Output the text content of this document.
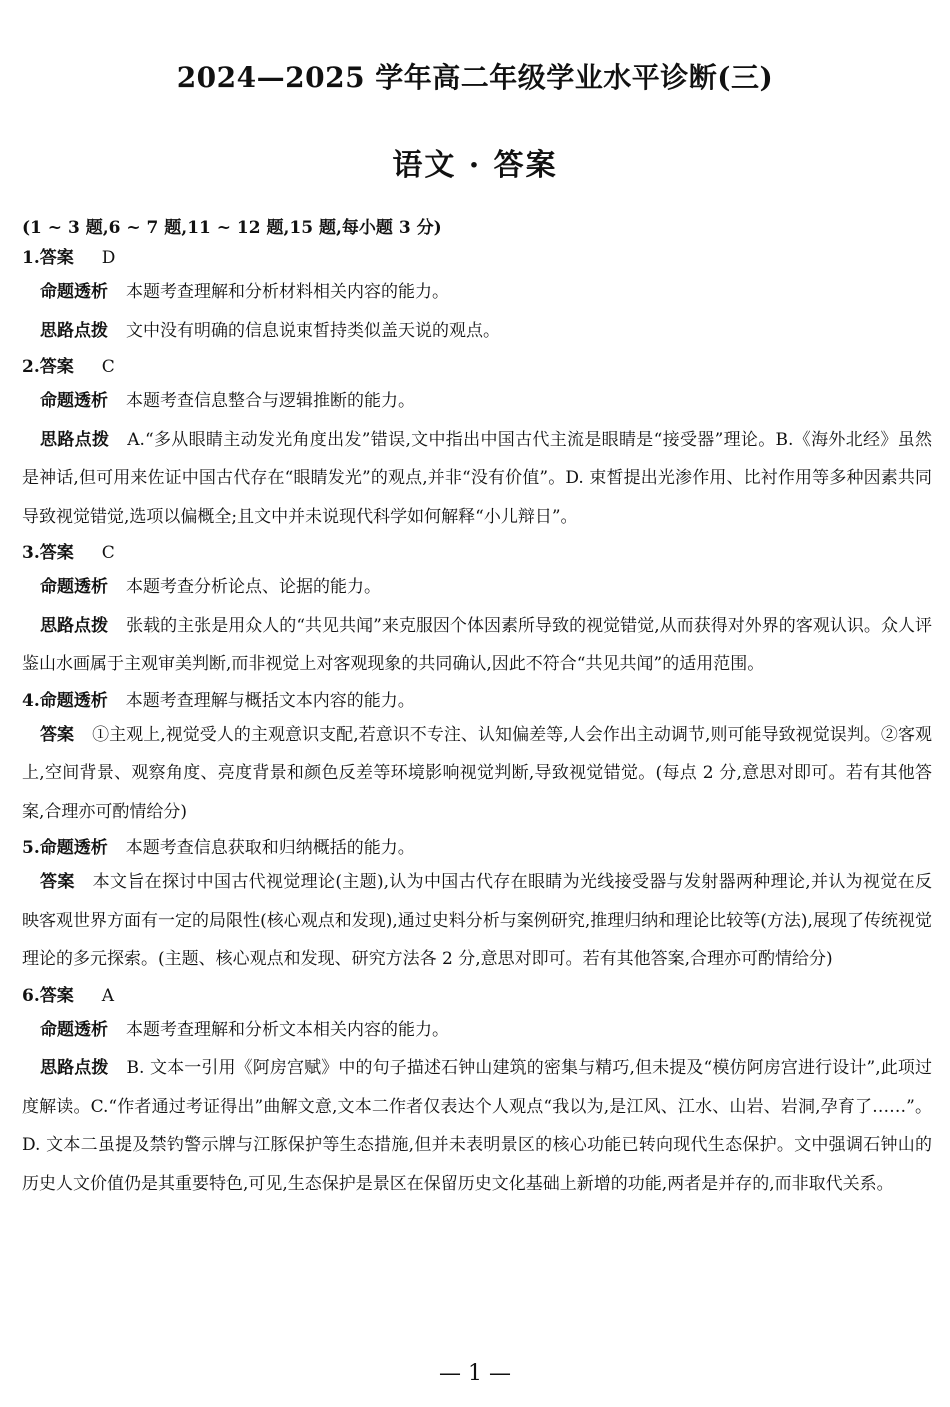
2024—2025 学年高二年级学业水平诊断(三)
语文 · 答案
(1 ~ 3 题,6 ~ 7 题,11 ~ 12 题,15 题,每小题 3 分)
1.答案 D
命题透析 本题考查理解和分析材料相关内容的能力。
思路点拨 文中没有明确的信息说束皙持类似盖天说的观点。
2.答案 C
命题透析 本题考查信息整合与逻辑推断的能力。
思路点拨 A.“多从眼睛主动发光角度出发”错误,文中指出中国古代主流是眼睛是“接受器”理论。B.《海外北经》虽然是神话,但可用来佐证中国古代存在“眼睛发光”的观点,并非“没有价值”。D. 束皙提出光渗作用、比衬作用等多种因素共同导致视觉错觉,选项以偏概全;且文中并未说现代科学如何解释“小儿辩日”。
3.答案 C
命题透析 本题考查分析论点、论据的能力。
思路点拨 张载的主张是用众人的“共见共闻”来克服因个体因素所导致的视觉错觉,从而获得对外界的客观认识。众人评鉴山水画属于主观审美判断,而非视觉上对客观现象的共同确认,因此不符合“共见共闻”的适用范围。
4.命题透析 本题考查理解与概括文本内容的能力。
答案 ①主观上,视觉受人的主观意识支配,若意识不专注、认知偏差等,人会作出主动调节,则可能导致视觉误判。②客观上,空间背景、观察角度、亮度背景和颜色反差等环境影响视觉判断,导致视觉错觉。(每点 2 分,意思对即可。若有其他答案,合理亦可酌情给分)
5.命题透析 本题考查信息获取和归纳概括的能力。
答案 本文旨在探讨中国古代视觉理论(主题),认为中国古代存在眼睛为光线接受器与发射器两种理论,并认为视觉在反映客观世界方面有一定的局限性(核心观点和发现),通过史料分析与案例研究,推理归纳和理论比较等(方法),展现了传统视觉理论的多元探索。(主题、核心观点和发现、研究方法各 2 分,意思对即可。若有其他答案,合理亦可酌情给分)
6.答案 A
命题透析 本题考查理解和分析文本相关内容的能力。
思路点拨 B. 文本一引用《阿房宫赋》中的句子描述石钟山建筑的密集与精巧,但未提及“模仿阿房宫进行设计”,此项过度解读。C.“作者通过考证得出”曲解文意,文本二作者仅表达个人观点“我以为,是江风、江水、山岩、岩洞,孕育了……”。D. 文本二虽提及禁钓警示牌与江豚保护等生态措施,但并未表明景区的核心功能已转向现代生态保护。文中强调石钟山的历史人文价值仍是其重要特色,可见,生态保护是景区在保留历史文化基础上新增的功能,两者是并存的,而非取代关系。
— 1 —
